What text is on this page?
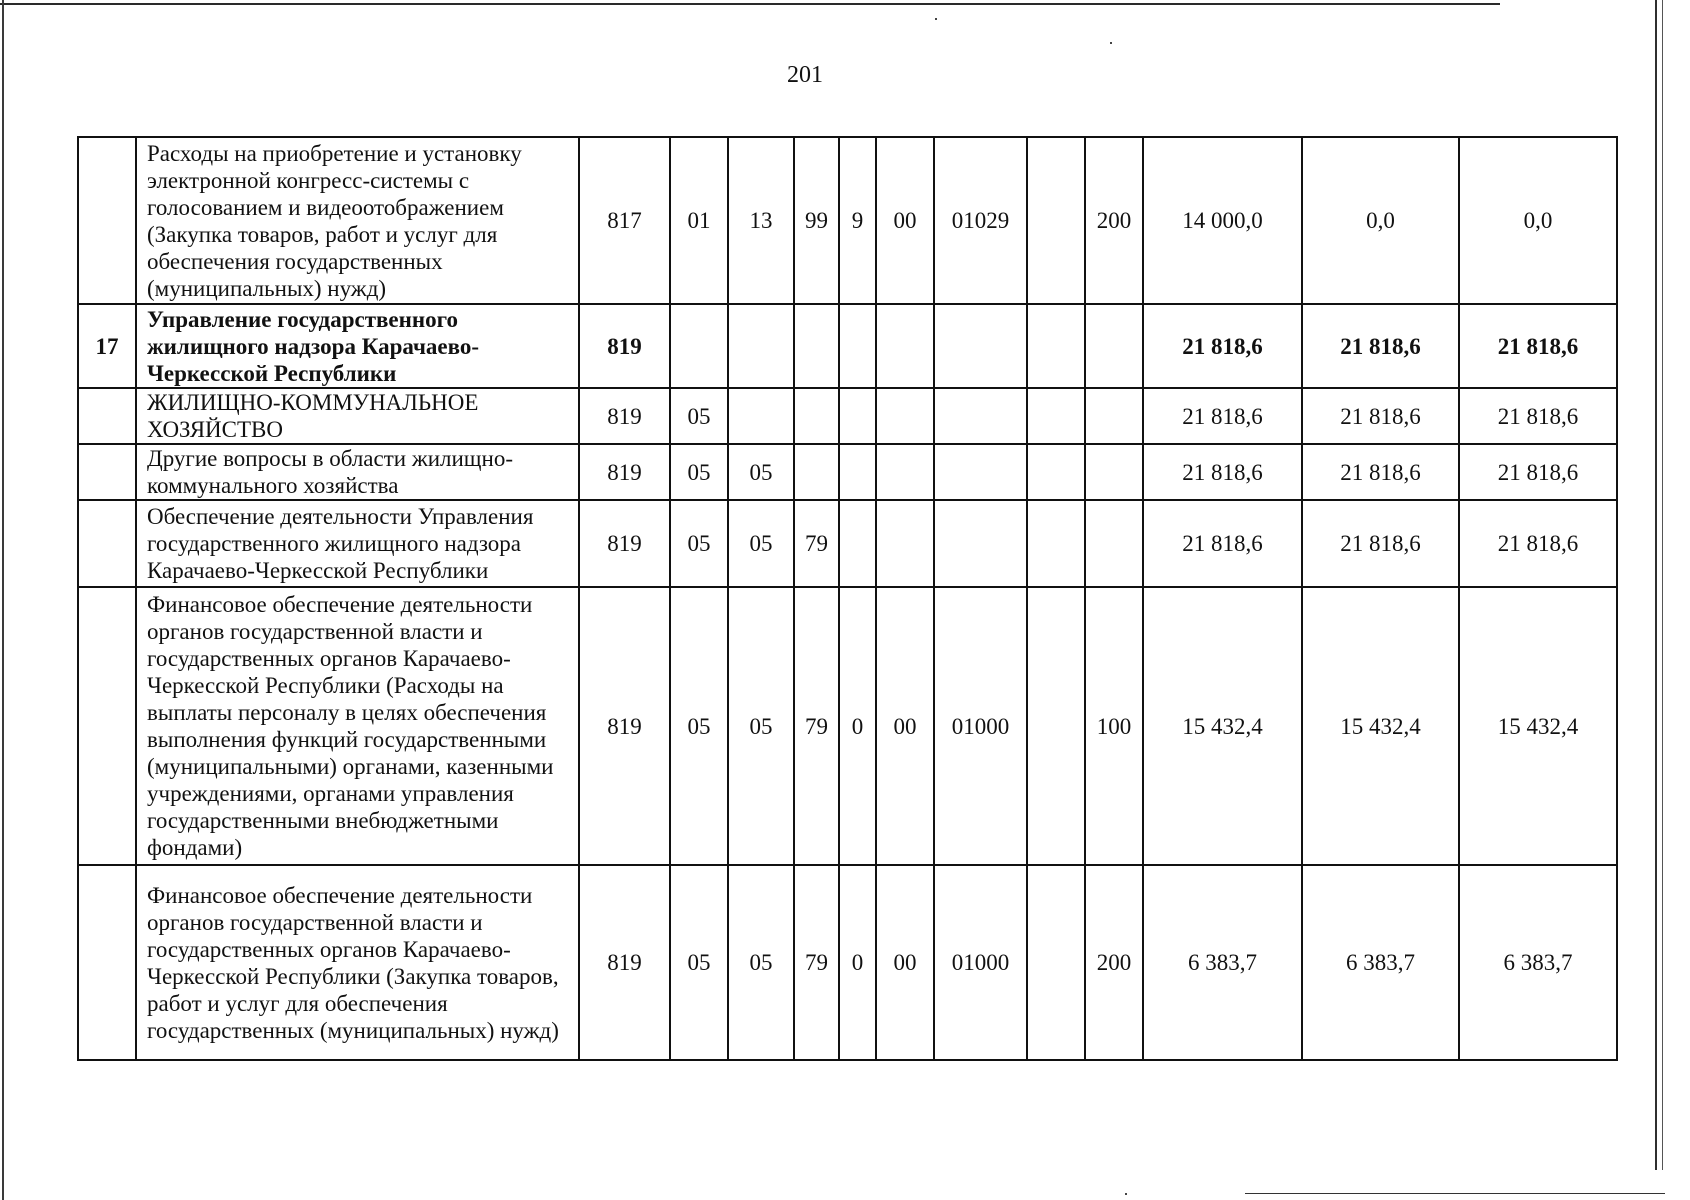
201
	Расходы на приобретение и установку электронной конгресс-системы с голосованием и видеоотображением (Закупка товаров, работ и услуг для обеспечения государственных (муниципальных) нужд)	817	01	13	99	9	00	01029		200	14 000,0	0,0	0,0
17	Управление государственного жилищного надзора Карачаево-Черкесской Республики	819									21 818,6	21 818,6	21 818,6
	ЖИЛИЩНО-КОММУНАЛЬНОЕ ХОЗЯЙСТВО	819	05								21 818,6	21 818,6	21 818,6
	Другие вопросы в области жилищно-коммунального хозяйства	819	05	05							21 818,6	21 818,6	21 818,6
	Обеспечение деятельности Управления государственного жилищного надзора Карачаево-Черкесской Республики	819	05	05	79						21 818,6	21 818,6	21 818,6
	Финансовое обеспечение деятельности органов государственной власти и государственных органов Карачаево-Черкесской Республики (Расходы на выплаты персоналу в целях обеспечения выполнения функций государственными (муниципальными) органами, казенными учреждениями, органами управления государственными внебюджетными фондами)	819	05	05	79	0	00	01000		100	15 432,4	15 432,4	15 432,4
	Финансовое обеспечение деятельности органов государственной власти и государственных органов Карачаево-Черкесской Республики (Закупка товаров, работ и услуг для обеспечения государственных (муниципальных) нужд)	819	05	05	79	0	00	01000		200	6 383,7	6 383,7	6 383,7
